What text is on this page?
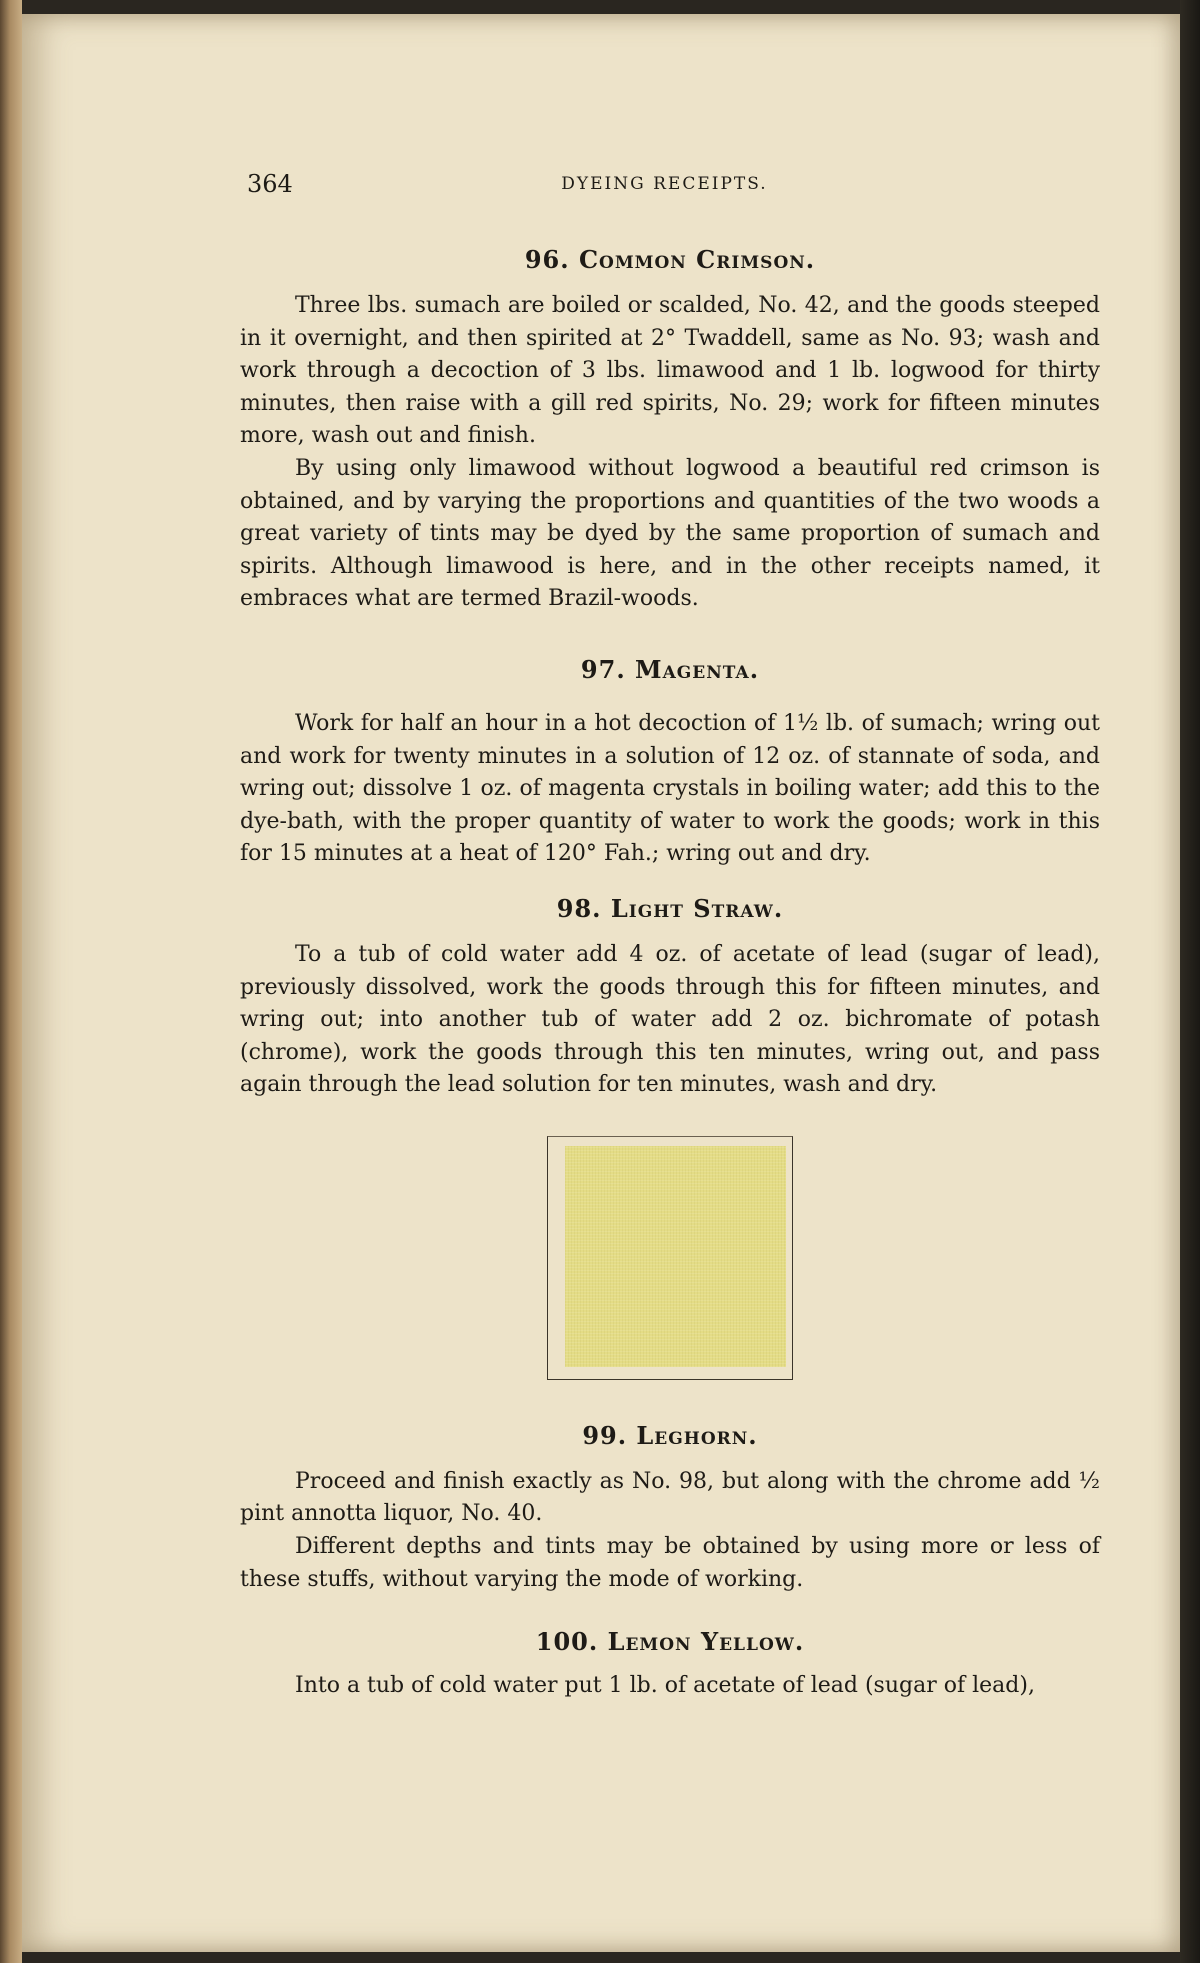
364	DYEING RECEIPTS.
96. Common Crimson.

Three lbs. sumach are boiled or scalded, No. 42, and the goods steeped in it overnight, and then spirited at 2° Twaddell, same as No. 93; wash and work through a decoction of 3 lbs. limawood and 1 lb. logwood for thirty minutes, then raise with a gill red spirits, No. 29; work for fifteen minutes more, wash out and finish.

By using only limawood without logwood a beautiful red crimson is obtained, and by varying the proportions and quantities of the two woods a great variety of tints may be dyed by the same proportion of sumach and spirits. Although limawood is here, and in the other receipts named, it embraces what are termed Brazil-woods.

97. Magenta.

Work for half an hour in a hot decoction of 1½ lb. of sumach; wring out and work for twenty minutes in a solution of 12 oz. of stannate of soda, and wring out; dissolve 1 oz. of magenta crystals in boiling water; add this to the dye-bath, with the proper quantity of water to work the goods; work in this for 15 minutes at a heat of 120° Fah.; wring out and dry.

98. Light Straw.

To a tub of cold water add 4 oz. of acetate of lead (sugar of lead), previously dissolved, work the goods through this for fifteen minutes, and wring out; into another tub of water add 2 oz. bichromate of potash (chrome), work the goods through this ten minutes, wring out, and pass again through the lead solution for ten minutes, wash and dry.

99. Leghorn.

Proceed and finish exactly as No. 98, but along with the chrome add ½ pint annotta liquor, No. 40.

Different depths and tints may be obtained by using more or less of these stuffs, without varying the mode of working.

100. Lemon Yellow.

Into a tub of cold water put 1 lb. of acetate of lead (sugar of lead),
